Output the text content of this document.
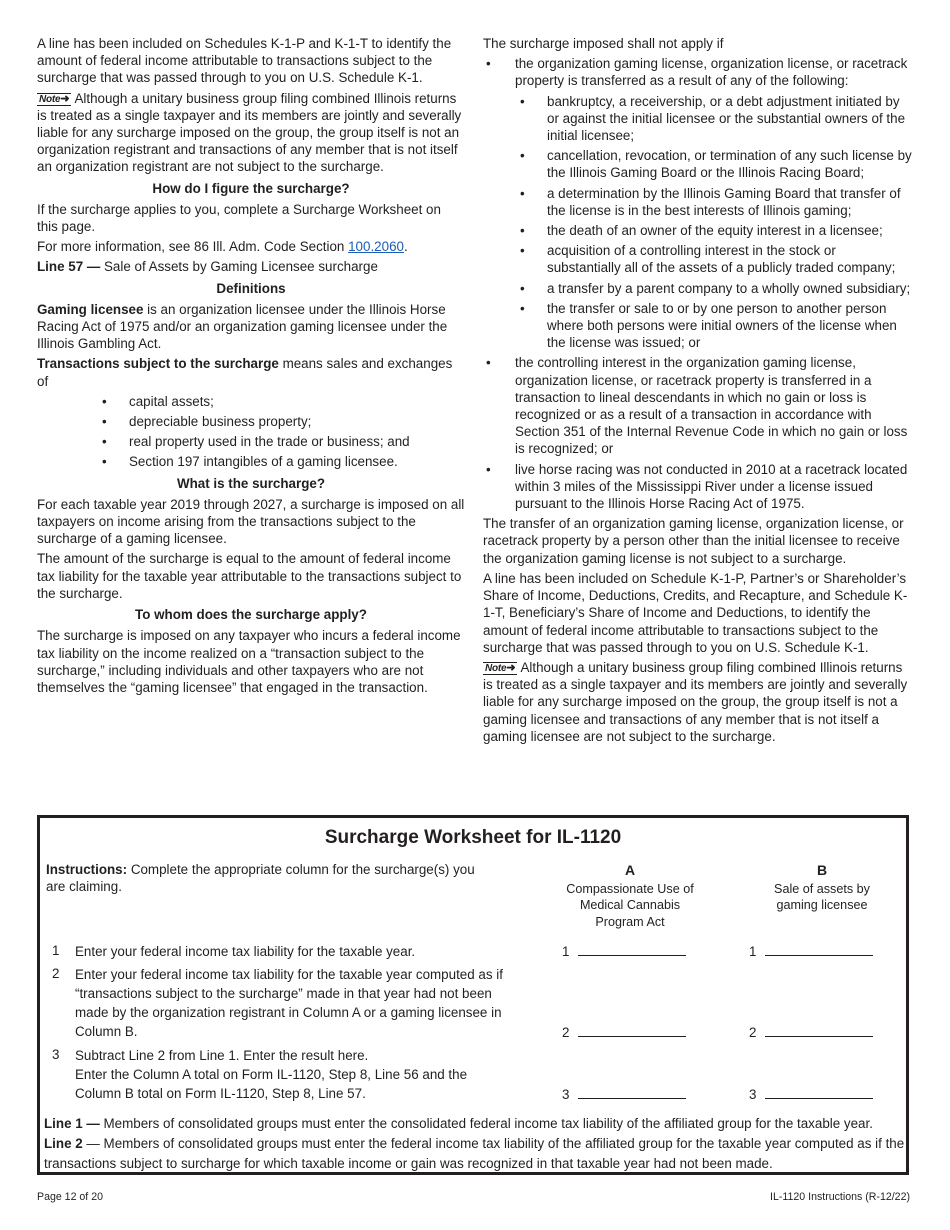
A line has been included on Schedules K-1-P and K-1-T to identify the amount of federal income attributable to transactions subject to the surcharge that was passed through to you on U.S. Schedule K-1.

Note➜ Although a unitary business group filing combined Illinois returns is treated as a single taxpayer and its members are jointly and severally liable for any surcharge imposed on the group, the group itself is not an organization registrant and transactions of any member that is not itself an organization registrant are not subject to the surcharge.

How do I figure the surcharge?

If the surcharge applies to you, complete a Surcharge Worksheet on this page.

For more information, see 86 Ill. Adm. Code Section 100.2060.

Line 57 — Sale of Assets by Gaming Licensee surcharge

Definitions

Gaming licensee is an organization licensee under the Illinois Horse Racing Act of 1975 and/or an organization gaming licensee under the Illinois Gambling Act.

Transactions subject to the surcharge means sales and exchanges of

• capital assets;
• depreciable business property;
• real property used in the trade or business; and
• Section 197 intangibles of a gaming licensee.
What is the surcharge?

For each taxable year 2019 through 2027, a surcharge is imposed on all taxpayers on income arising from the transactions subject to the surcharge of a gaming licensee.

The amount of the surcharge is equal to the amount of federal income tax liability for the taxable year attributable to the transactions subject to the surcharge.

To whom does the surcharge apply?

The surcharge is imposed on any taxpayer who incurs a federal income tax liability on the income realized on a “transaction subject to the surcharge,” including individuals and other taxpayers who are not themselves the “gaming licensee” that engaged in the transaction.

The surcharge imposed shall not apply if

• the organization gaming license, organization license, or racetrack property is transferred as a result of any of the following:
• bankruptcy, a receivership, or a debt adjustment initiated by or against the initial licensee or the substantial owners of the initial licensee;
• cancellation, revocation, or termination of any such license by the Illinois Gaming Board or the Illinois Racing Board;
• a determination by the Illinois Gaming Board that transfer of the license is in the best interests of Illinois gaming;
• the death of an owner of the equity interest in a licensee;
• acquisition of a controlling interest in the stock or substantially all of the assets of a publicly traded company;
• a transfer by a parent company to a wholly owned subsidiary;
• the transfer or sale to or by one person to another person where both persons were initial owners of the license when the license was issued; or
• the controlling interest in the organization gaming license, organization license, or racetrack property is transferred in a transaction to lineal descendants in which no gain or loss is recognized or as a result of a transaction in accordance with Section 351 of the Internal Revenue Code in which no gain or loss is recognized; or
• live horse racing was not conducted in 2010 at a racetrack located within 3 miles of the Mississippi River under a license issued pursuant to the Illinois Horse Racing Act of 1975.

The transfer of an organization gaming license, organization license, or racetrack property by a person other than the initial licensee to receive the organization gaming license is not subject to a surcharge.

A line has been included on Schedule K-1-P, Partner’s or Shareholder’s Share of Income, Deductions, Credits, and Recapture, and Schedule K-1-T, Beneficiary’s Share of Income and Deductions, to identify the amount of federal income attributable to transactions subject to the surcharge that was passed through to you on U.S. Schedule K-1.

Note➜ Although a unitary business group filing combined Illinois returns is treated as a single taxpayer and its members are jointly and severally liable for any surcharge imposed on the group, the group itself is not a gaming licensee and transactions of any member that is not itself a gaming licensee are not subject to the surcharge.

Surcharge Worksheet for IL-1120
Instructions: Complete the appropriate column for the surcharge(s) you are claiming.
A
Compassionate Use of Medical Cannabis Program Act
B
Sale of assets by gaming licensee
1 Enter your federal income tax liability for the taxable year.	1	1
2 Enter your federal income tax liability for the taxable year computed as if “transactions subject to the surcharge” made in that year had not been made by the organization registrant in Column A or a gaming licensee in Column B.	2	2
3 Subtract Line 2 from Line 1. Enter the result here.
Enter the Column A total on Form IL-1120, Step 8, Line 56 and the Column B total on Form IL-1120, Step 8, Line 57.	3	3

Line 1 — Members of consolidated groups must enter the consolidated federal income tax liability of the affiliated group for the taxable year.

Line 2 — Members of consolidated groups must enter the federal income tax liability of the affiliated group for the taxable year computed as if the transactions subject to surcharge for which taxable income or gain was recognized in that taxable year had not been made.

Page 12 of 20	IL-1120 Instructions (R-12/22)
